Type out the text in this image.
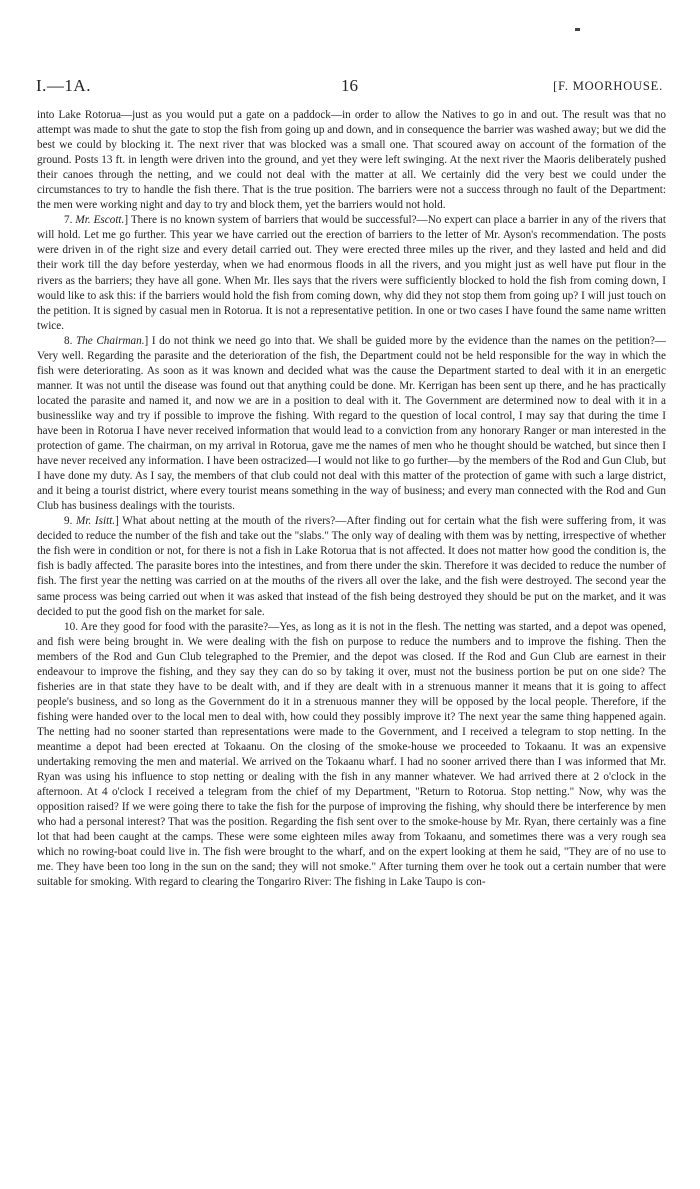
I.—1A.	16	[F. MOORHOUSE.

into Lake Rotorua—just as you would put a gate on a paddock—in order to allow the Natives to go in and out. The result was that no attempt was made to shut the gate to stop the fish from going up and down, and in consequence the barrier was washed away; but we did the best we could by blocking it. The next river that was blocked was a small one. That scoured away on account of the formation of the ground. Posts 13 ft. in length were driven into the ground, and yet they were left swinging. At the next river the Maoris deliberately pushed their canoes through the netting, and we could not deal with the matter at all. We certainly did the very best we could under the circumstances to try to handle the fish there. That is the true position. The barriers were not a success through no fault of the Department: the men were working night and day to try and block them, yet the barriers would not hold.

7. Mr. Escott.] There is no known system of barriers that would be successful?—No expert can place a barrier in any of the rivers that will hold. Let me go further. This year we have carried out the erection of barriers to the letter of Mr. Ayson's recommendation. The posts were driven in of the right size and every detail carried out. They were erected three miles up the river, and they lasted and held and did their work till the day before yesterday, when we had enormous floods in all the rivers, and you might just as well have put flour in the rivers as the barriers; they have all gone. When Mr. Iles says that the rivers were sufficiently blocked to hold the fish from coming down, I would like to ask this: if the barriers would hold the fish from coming down, why did they not stop them from going up? I will just touch on the petition. It is signed by casual men in Rotorua. It is not a representative petition. In one or two cases I have found the same name written twice.

8. The Chairman.] I do not think we need go into that. We shall be guided more by the evidence than the names on the petition?—Very well. Regarding the parasite and the deterioration of the fish, the Department could not be held responsible for the way in which the fish were deteriorating. As soon as it was known and decided what was the cause the Department started to deal with it in an energetic manner. It was not until the disease was found out that anything could be done. Mr. Kerrigan has been sent up there, and he has practically located the parasite and named it, and now we are in a position to deal with it. The Government are determined now to deal with it in a businesslike way and try if possible to improve the fishing. With regard to the question of local control, I may say that during the time I have been in Rotorua I have never received information that would lead to a conviction from any honorary Ranger or man interested in the protection of game. The chairman, on my arrival in Rotorua, gave me the names of men who he thought should be watched, but since then I have never received any information. I have been ostracized—I would not like to go further—by the members of the Rod and Gun Club, but I have done my duty. As I say, the members of that club could not deal with this matter of the protection of game with such a large district, and it being a tourist district, where every tourist means something in the way of business; and every man connected with the Rod and Gun Club has business dealings with the tourists.

9. Mr. Isitt.] What about netting at the mouth of the rivers?—After finding out for certain what the fish were suffering from, it was decided to reduce the number of the fish and take out the "slabs." The only way of dealing with them was by netting, irrespective of whether the fish were in condition or not, for there is not a fish in Lake Rotorua that is not affected. It does not matter how good the condition is, the fish is badly affected. The parasite bores into the intestines, and from there under the skin. Therefore it was decided to reduce the number of fish. The first year the netting was carried on at the mouths of the rivers all over the lake, and the fish were destroyed. The second year the same process was being carried out when it was asked that instead of the fish being destroyed they should be put on the market, and it was decided to put the good fish on the market for sale.

10. Are they good for food with the parasite?—Yes, as long as it is not in the flesh. The netting was started, and a depot was opened, and fish were being brought in. We were dealing with the fish on purpose to reduce the numbers and to improve the fishing. Then the members of the Rod and Gun Club telegraphed to the Premier, and the depot was closed. If the Rod and Gun Club are earnest in their endeavour to improve the fishing, and they say they can do so by taking it over, must not the business portion be put on one side? The fisheries are in that state they have to be dealt with, and if they are dealt with in a strenuous manner it means that it is going to affect people's business, and so long as the Government do it in a strenuous manner they will be opposed by the local people. Therefore, if the fishing were handed over to the local men to deal with, how could they possibly improve it? The next year the same thing happened again. The netting had no sooner started than representations were made to the Government, and I received a telegram to stop netting. In the meantime a depot had been erected at Tokaanu. On the closing of the smoke-house we proceeded to Tokaanu. It was an expensive undertaking removing the men and material. We arrived on the Tokaanu wharf. I had no sooner arrived there than I was informed that Mr. Ryan was using his influence to stop netting or dealing with the fish in any manner whatever. We had arrived there at 2 o'clock in the afternoon. At 4 o'clock I received a telegram from the chief of my Department, "Return to Rotorua. Stop netting." Now, why was the opposition raised? If we were going there to take the fish for the purpose of improving the fishing, why should there be interference by men who had a personal interest? That was the position. Regarding the fish sent over to the smoke-house by Mr. Ryan, there certainly was a fine lot that had been caught at the camps. These were some eighteen miles away from Tokaanu, and sometimes there was a very rough sea which no rowing-boat could live in. The fish were brought to the wharf, and on the expert looking at them he said, "They are of no use to me. They have been too long in the sun on the sand; they will not smoke." After turning them over he took out a certain number that were suitable for smoking. With regard to clearing the Tongariro River: The fishing in Lake Taupo is con-
